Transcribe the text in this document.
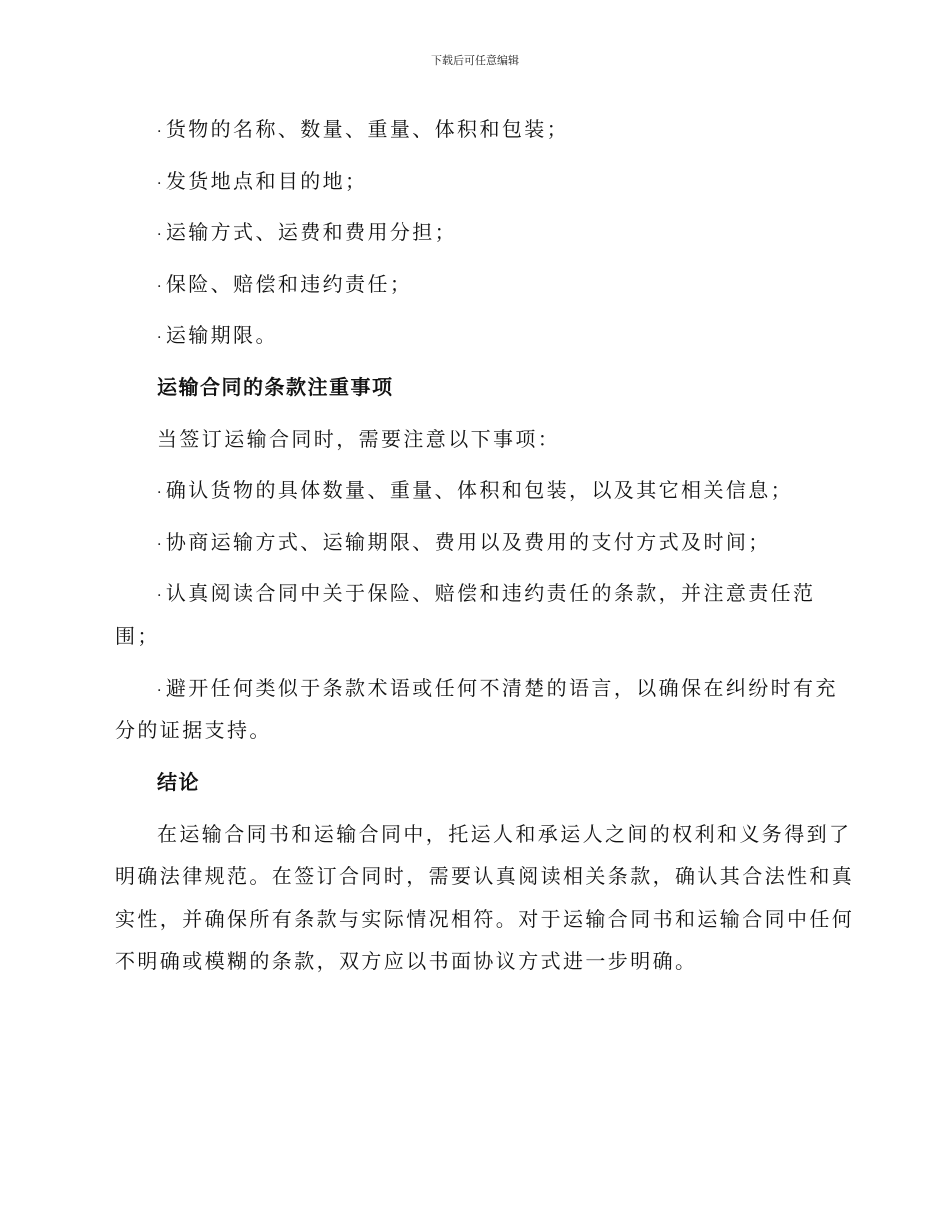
下载后可任意编辑
· 货物的名称、数量、重量、体积和包装；
· 发货地点和目的地；
· 运输方式、运费和费用分担；
· 保险、赔偿和违约责任；
· 运输期限。
运输合同的条款注重事项
当签订运输合同时，需要注意以下事项：
· 确认货物的具体数量、重量、体积和包装，以及其它相关信息；
· 协商运输方式、运输期限、费用以及费用的支付方式及时间；
· 认真阅读合同中关于保险、赔偿和违约责任的条款，并注意责任范
围；
· 避开任何类似于条款术语或任何不清楚的语言，以确保在纠纷时有充
分的证据支持。
结论
在运输合同书和运输合同中，托运人和承运人之间的权利和义务得到了
明确法律规范。在签订合同时，需要认真阅读相关条款，确认其合法性和真
实性，并确保所有条款与实际情况相符。对于运输合同书和运输合同中任何
不明确或模糊的条款，双方应以书面协议方式进一步明确。
